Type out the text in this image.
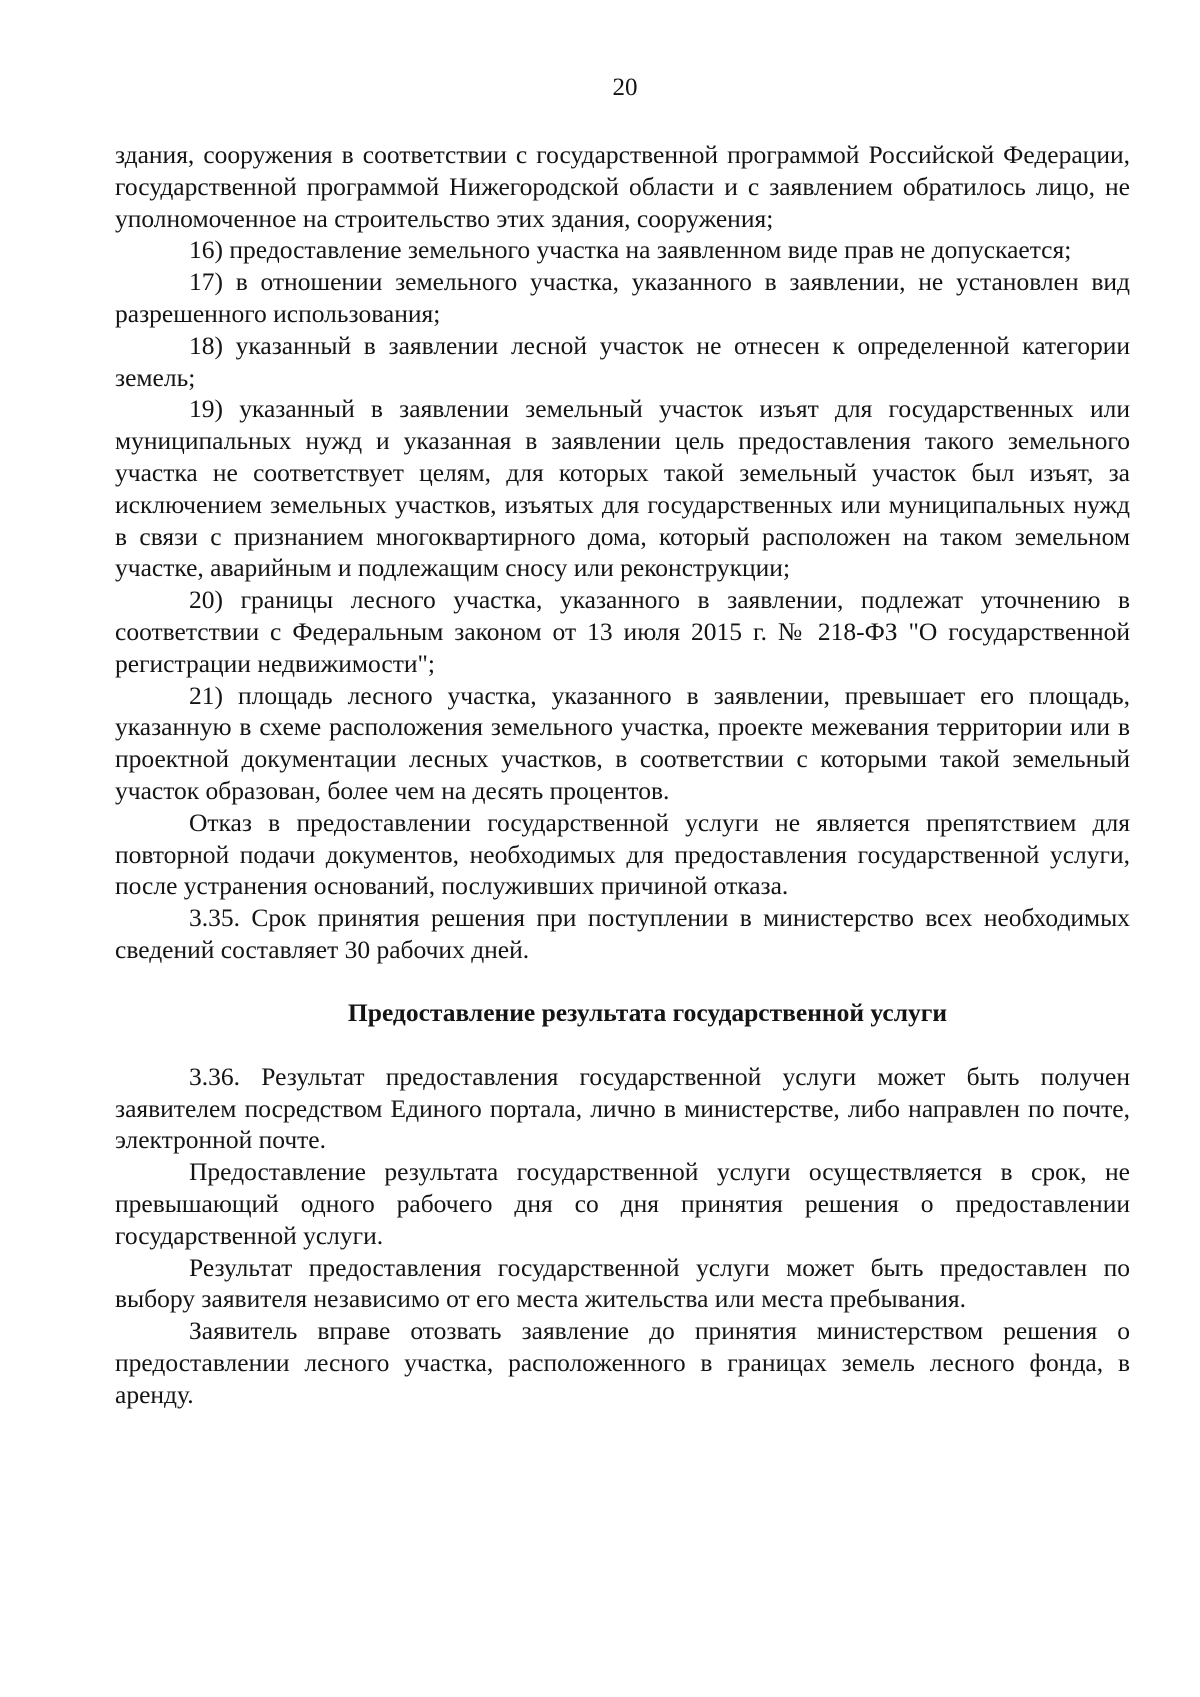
20

здания, сооружения в соответствии с государственной программой Российской Федерации, государственной программой Нижегородской области и с заявлением обратилось лицо, не уполномоченное на строительство этих здания, сооружения;

16) предоставление земельного участка на заявленном виде прав не допускается;

17) в отношении земельного участка, указанного в заявлении, не установлен вид разрешенного использования;

18) указанный в заявлении лесной участок не отнесен к определенной категории земель;

19) указанный в заявлении земельный участок изъят для государственных или муниципальных нужд и указанная в заявлении цель предоставления такого земельного участка не соответствует целям, для которых такой земельный участок был изъят, за исключением земельных участков, изъятых для государственных или муниципальных нужд в связи с признанием многоквартирного дома, который расположен на таком земельном участке, аварийным и подлежащим сносу или реконструкции;

20) границы лесного участка, указанного в заявлении, подлежат уточнению в соответствии с Федеральным законом от 13 июля 2015 г. № 218-ФЗ "О государственной регистрации недвижимости";

21) площадь лесного участка, указанного в заявлении, превышает его площадь, указанную в схеме расположения земельного участка, проекте межевания территории или в проектной документации лесных участков, в соответствии с которыми такой земельный участок образован, более чем на десять процентов.

Отказ в предоставлении государственной услуги не является препятствием для повторной подачи документов, необходимых для предоставления государственной услуги, после устранения оснований, послуживших причиной отказа.

3.35. Срок принятия решения при поступлении в министерство всех необходимых сведений составляет 30 рабочих дней.

Предоставление результата государственной услуги

3.36. Результат предоставления государственной услуги может быть получен заявителем посредством Единого портала, лично в министерстве, либо направлен по почте, электронной почте.

Предоставление результата государственной услуги осуществляется в срок, не превышающий одного рабочего дня со дня принятия решения о предоставлении государственной услуги.

Результат предоставления государственной услуги может быть предоставлен по выбору заявителя независимо от его места жительства или места пребывания.

Заявитель вправе отозвать заявление до принятия министерством решения о предоставлении лесного участка, расположенного в границах земель лесного фонда, в аренду.
